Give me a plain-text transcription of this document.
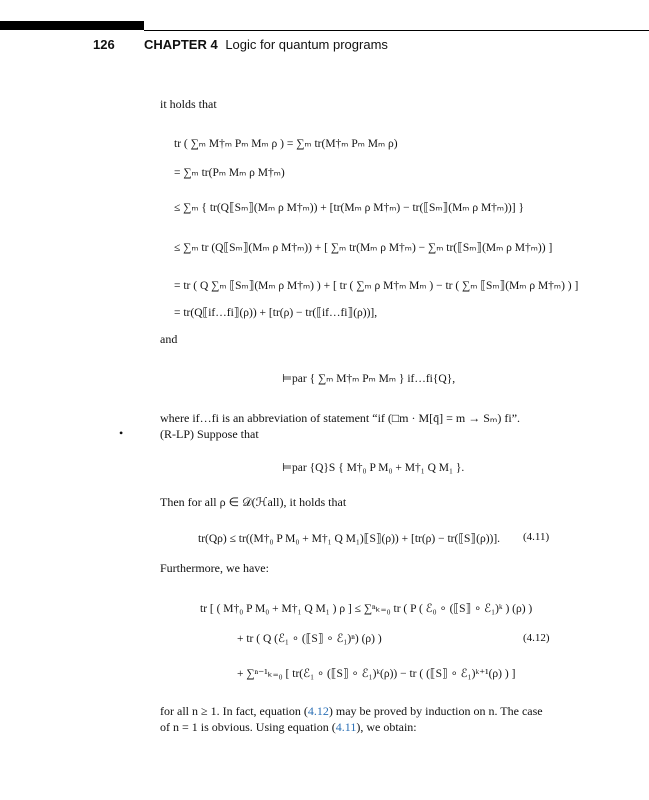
126 CHAPTER 4 Logic for quantum programs
it holds that
tr ( ∑ₘ M†ₘ Pₘ Mₘ ρ ) = ∑ₘ tr(M†ₘ Pₘ Mₘ ρ)
= ∑ₘ tr(Pₘ Mₘ ρ M†ₘ)
≤ ∑ₘ { tr(Q⟦Sₘ⟧(Mₘ ρ M†ₘ)) + [tr(Mₘ ρ M†ₘ) − tr(⟦Sₘ⟧(Mₘ ρ M†ₘ))] }
≤ ∑ₘ tr (Q⟦Sₘ⟧(Mₘ ρ M†ₘ)) + [ ∑ₘ tr(Mₘ ρ M†ₘ) − ∑ₘ tr(⟦Sₘ⟧(Mₘ ρ M†ₘ)) ]
= tr ( Q ∑ₘ ⟦Sₘ⟧(Mₘ ρ M†ₘ) ) + [ tr ( ∑ₘ ρ M†ₘ Mₘ ) − tr ( ∑ₘ ⟦Sₘ⟧(Mₘ ρ M†ₘ) ) ]
= tr(Q⟦if…fi⟧(ρ)) + [tr(ρ) − tr(⟦if…fi⟧(ρ))],
and
⊨par { ∑ₘ M†ₘ Pₘ Mₘ } if…fi{Q},
where if…fi is an abbreviation of statement “if (□m · M[q̄] = m → Sₘ) fi”.
•	(R-LP) Suppose that
⊨par {Q}S { M†₀ P M₀ + M†₁ Q M₁ }.
Then for all ρ ∈ 𝒟(ℋall), it holds that
tr(Qρ) ≤ tr((M†₀ P M₀ + M†₁ Q M₁)⟦S⟧(ρ)) + [tr(ρ) − tr(⟦S⟧(ρ))]. (4.11)
Furthermore, we have:
tr [ ( M†₀ P M₀ + M†₁ Q M₁ ) ρ ] ≤ ∑ⁿₖ₌₀ tr ( P ( ℰ₀ ∘ (⟦S⟧ ∘ ℰ₁)ᵏ ) (ρ) )
+ tr ( Q (ℰ₁ ∘ (⟦S⟧ ∘ ℰ₁)ⁿ) (ρ) )	(4.12)
+ ∑ⁿ⁻¹ₖ₌₀ [ tr(ℰ₁ ∘ (⟦S⟧ ∘ ℰ₁)ᵏ(ρ)) − tr ( (⟦S⟧ ∘ ℰ₁)ᵏ⁺¹(ρ) ) ]
for all n ≥ 1. In fact, equation (4.12) may be proved by induction on n. The case
of n = 1 is obvious. Using equation (4.11), we obtain:
